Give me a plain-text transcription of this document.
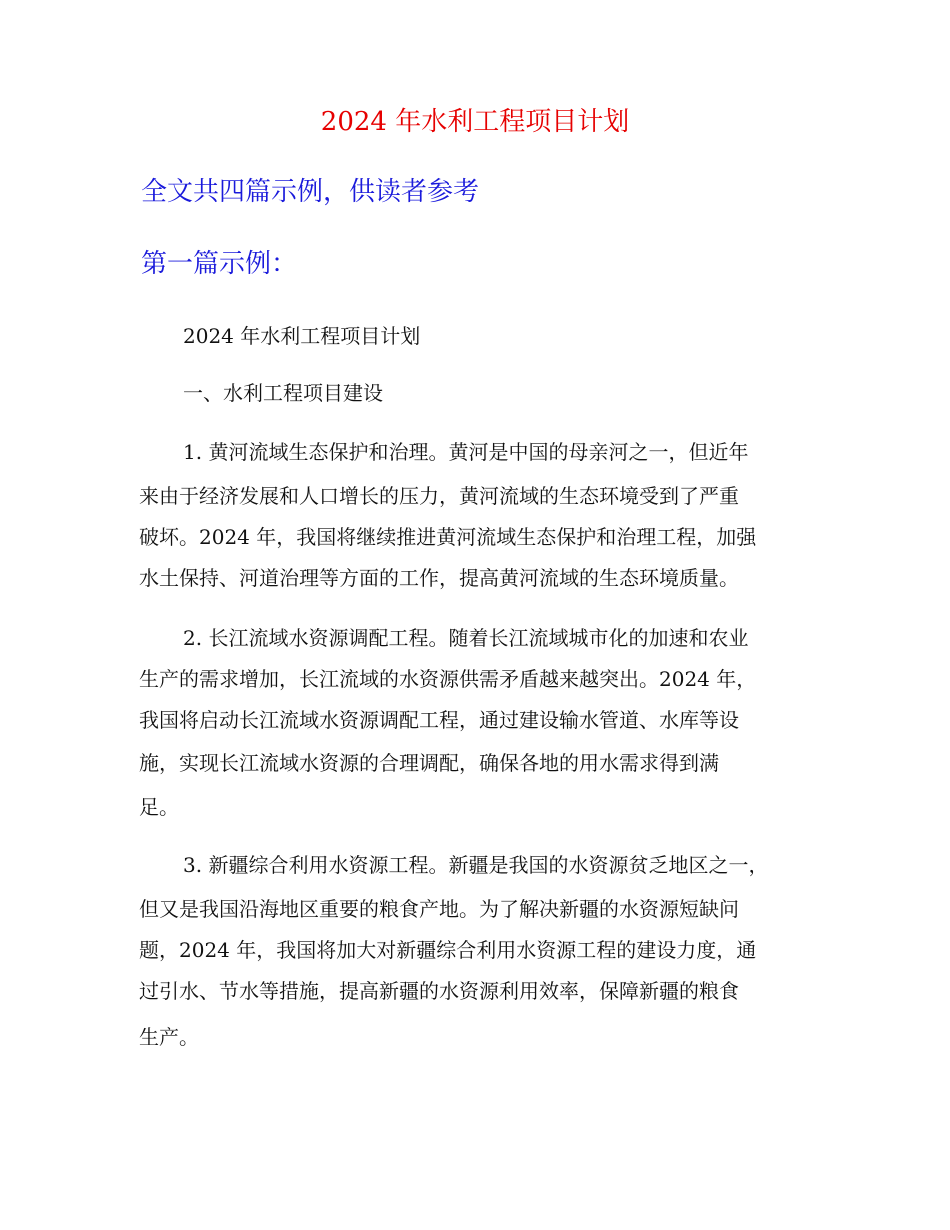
2024 年水利工程项目计划
全文共四篇示例，供读者参考
第一篇示例：
2024 年水利工程项目计划
一、水利工程项目建设
1. 黄河流域生态保护和治理。黄河是中国的母亲河之一，但近年
来由于经济发展和人口增长的压力，黄河流域的生态环境受到了严重
破坏。2024 年，我国将继续推进黄河流域生态保护和治理工程，加强
水土保持、河道治理等方面的工作，提高黄河流域的生态环境质量。
2. 长江流域水资源调配工程。随着长江流域城市化的加速和农业
生产的需求增加，长江流域的水资源供需矛盾越来越突出。2024 年，
我国将启动长江流域水资源调配工程，通过建设输水管道、水库等设
施，实现长江流域水资源的合理调配，确保各地的用水需求得到满
足。
3. 新疆综合利用水资源工程。新疆是我国的水资源贫乏地区之一，
但又是我国沿海地区重要的粮食产地。为了解决新疆的水资源短缺问
题，2024 年，我国将加大对新疆综合利用水资源工程的建设力度，通
过引水、节水等措施，提高新疆的水资源利用效率，保障新疆的粮食
生产。
